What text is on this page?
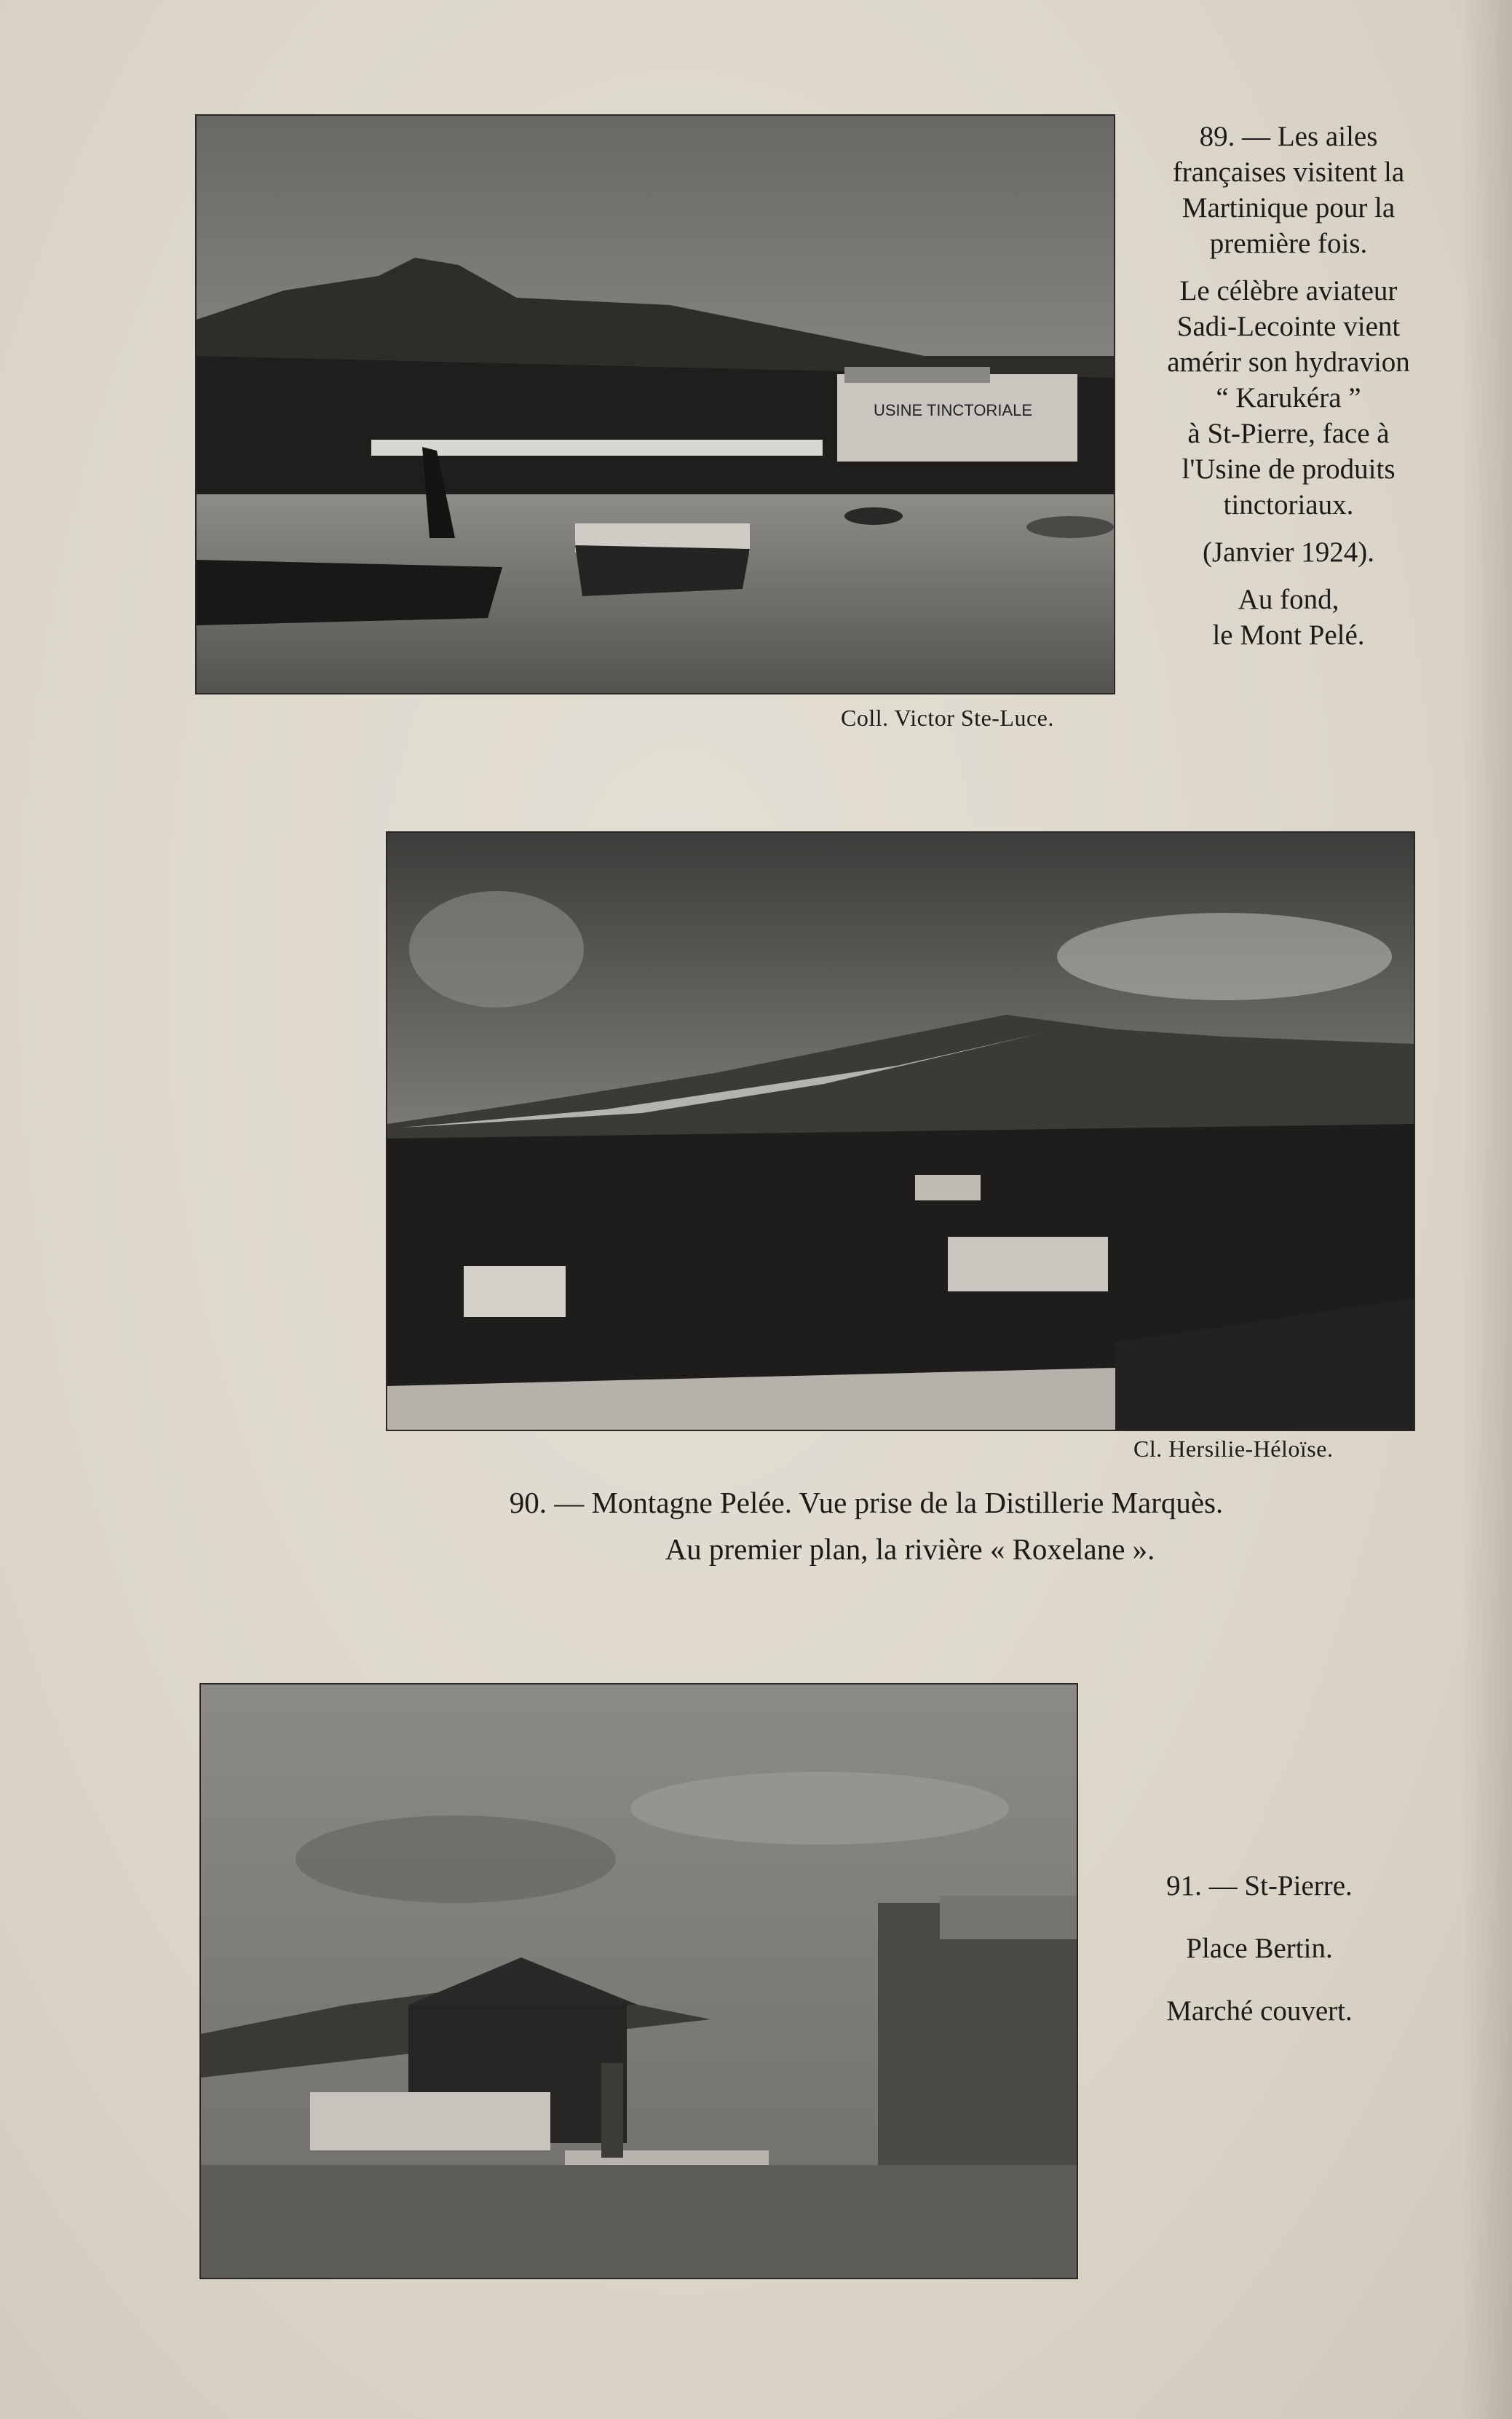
USINE TINCTORIALE
Coll. Victor Ste-Luce.
89. — Les ailes
françaises visitent la
Martinique pour la
première fois.
Le célèbre aviateur
Sadi-Lecointe vient
amérir son hydravion
“ Karukéra ”
à St-Pierre, face à
l'Usine de produits
tinctoriaux.
(Janvier 1924).
Au fond,
le Mont Pelé.
Cl. Hersilie-Héloïse.
90. — Montagne Pelée. Vue prise de la Distillerie Marquès.
Au premier plan, la rivière « Roxelane ».
91. — St-Pierre.
Place Bertin.
Marché couvert.
